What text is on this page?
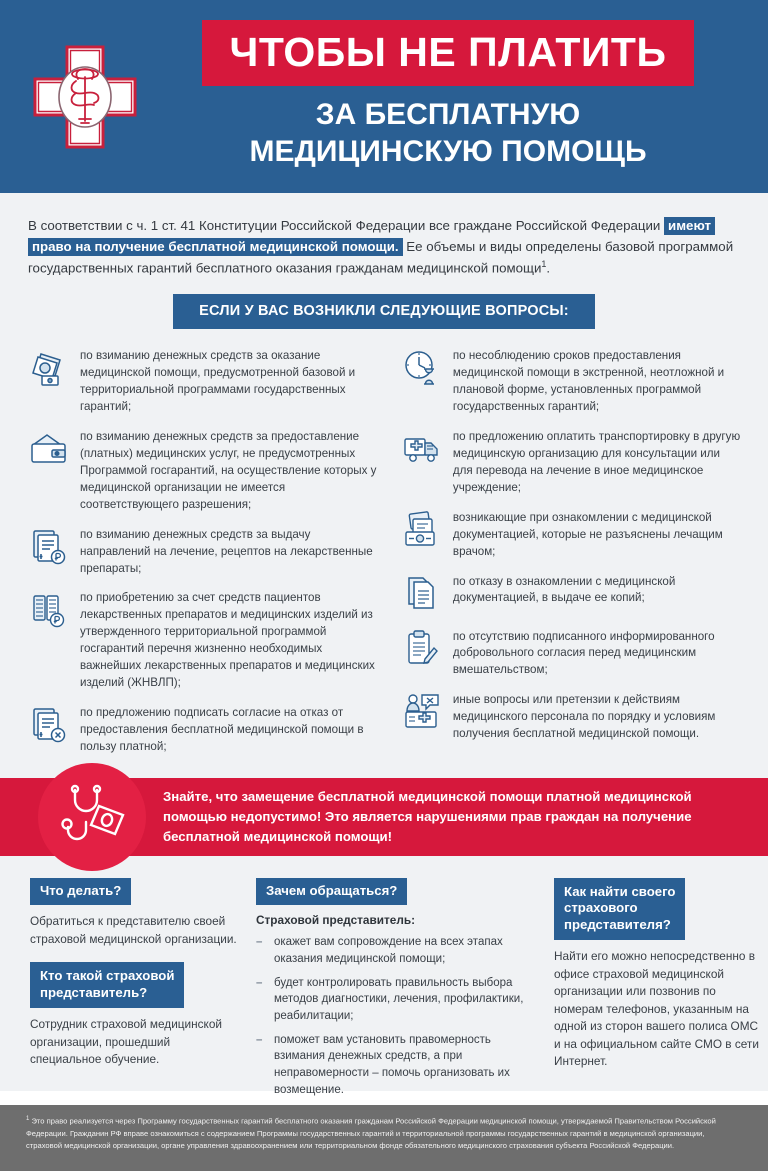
ЧТОБЫ НЕ ПЛАТИТЬ
ЗА БЕСПЛАТНУЮ
МЕДИЦИНСКУЮ ПОМОЩЬ

В соответствии с ч. 1 ст. 41 Конституции Российской Федерации все граждане Российской Федерации имеют право на получение бесплатной медицинской помощи. Ее объемы и виды определены базовой программой государственных гарантий бесплатного оказания гражданам медицинской помощи$^1$.

ЕСЛИ У ВАС ВОЗНИКЛИ СЛЕДУЮЩИЕ ВОПРОСЫ:
по взиманию денежных средств за оказание медицинской помощи, предусмотренной базовой и территориальной программами государственных гарантий;
по взиманию денежных средств за предоставление (платных) медицинских услуг, не предусмотренных Программой госгарантий, на осуществление которых у медицинской организации не имеется соответствующего разрешения;
по взиманию денежных средств за выдачу направлений на лечение, рецептов на лекарственные препараты;
по приобретению за счет средств пациентов лекарственных препаратов и медицинских изделий из утвержденного территориальной программой госгарантий перечня жизненно необходимых важнейших лекарственных препаратов и медицинских изделий (ЖНВЛП);
по предложению подписать согласие на отказ от предоставления бесплатной медицинской помощи в пользу платной;
по несоблюдению сроков предоставления медицинской помощи в экстренной, неотложной и плановой форме, установленных программой государственных гарантий;
по предложению оплатить транспортировку в другую медицинскую организацию для консультации или для перевода на лечение в иное медицинское учреждение;
возникающие при ознакомлении с медицинской документацией, которые не разъяснены лечащим врачом;
по отказу в ознакомлении с медицинской документацией, в выдаче ее копий;
по отсутствию подписанного информированного добровольного согласия перед медицинским вмешательством;
иные вопросы или претензии к действиям медицинского персонала по порядку и условиям получения бесплатной медицинской помощи.
Знайте, что замещение бесплатной медицинской помощи платной медицинской помощью недопустимо! Это является нарушениями прав граждан на получение бесплатной медицинской помощи!
Что делать?
Обратиться к представителю своей страховой медицинской организации.
Кто такой страховой
представитель?
Сотрудник страховой медицинской организации, прошедший специальное обучение.
Зачем обращаться?
Страховой представитель:
–	окажет вам сопровождение на всех этапах оказания медицинской помощи;
–	будет контролировать правильность выбора методов диагностики, лечения, профилактики, реабилитации;
–	поможет вам установить правомерность взимания денежных средств, а при неправомерности – помочь организовать их возмещение.
Как найти своего
страхового
представителя?
Найти его можно непосредственно в офисе страховой медицинской организации или позвонив по номерам телефонов, указанным на одной из сторон вашего полиса ОМС и на официальном сайте СМО в сети Интернет.
$^1$ Это право реализуется через Программу государственных гарантий бесплатного оказания гражданам Российской Федерации медицинской помощи, утверждаемой Правительством Российской Федерации. Гражданин РФ вправе ознакомиться с содержанием Программы государственных гарантий и территориальной программы государственных гарантий в медицинской организации, страховой медицинской организации, органе управления здравоохранением или территориальном фонде обязательного медицинского страхования субъекта Российской Федерации.
